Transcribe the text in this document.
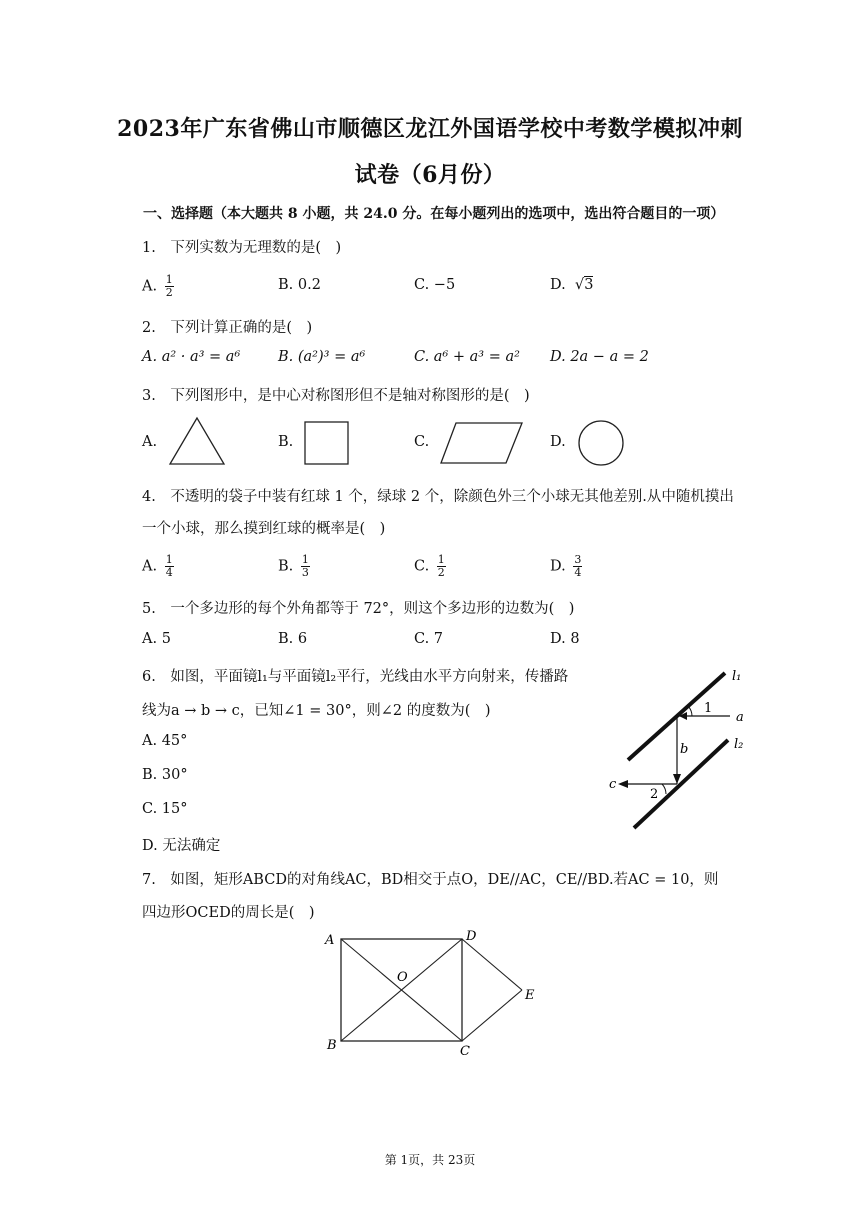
2023年广东省佛山市顺德区龙江外国语学校中考数学模拟冲刺
试卷（6月份）
一、选择题（本大题共 8 小题，共 24.0 分。在每小题列出的选项中，选出符合题目的一项）
1.　下列实数为无理数的是(　)
A. $\frac{1}{2}$	B. 0.2	C. −5	D.  √3
2.　下列计算正确的是(　)
A. a² · a³ = a⁶	B. (a²)³ = a⁶	C. a⁶ + a³ = a² D. 2a − a = 2
3.　下列图形中，是中心对称图形但不是轴对称图形的是(　)
A.	B.	C.	D.
4.　不透明的袋子中装有红球 1 个，绿球 2 个，除颜色外三个小球无其他差别.从中随机摸出
一个小球，那么摸到红球的概率是(　)
A. $\frac{1}{4}$	B. $\frac{1}{3}$	C. $\frac{1}{2}$	D. $\frac{3}{4}$
5.　一个多边形的每个外角都等于 72°，则这个多边形的边数为(　)
A. 5	B. 6	C. 7	D. 8
6.　如图，平面镜l₁与平面镜l₂平行，光线由水平方向射来，传播路
线为a → b → c，已知∠1 = 30°，则∠2 的度数为(　)
A. 45°
B. 30°
C. 15°
D. 无法确定
l₁
l₂
a
b
c
1
2
7.　如图，矩形ABCD的对角线AC，BD相交于点O，DE//AC，CE//BD.若AC = 10，则
四边形OCED的周长是(　)
A
B	C
D
O
E
第 1页，共 23页
